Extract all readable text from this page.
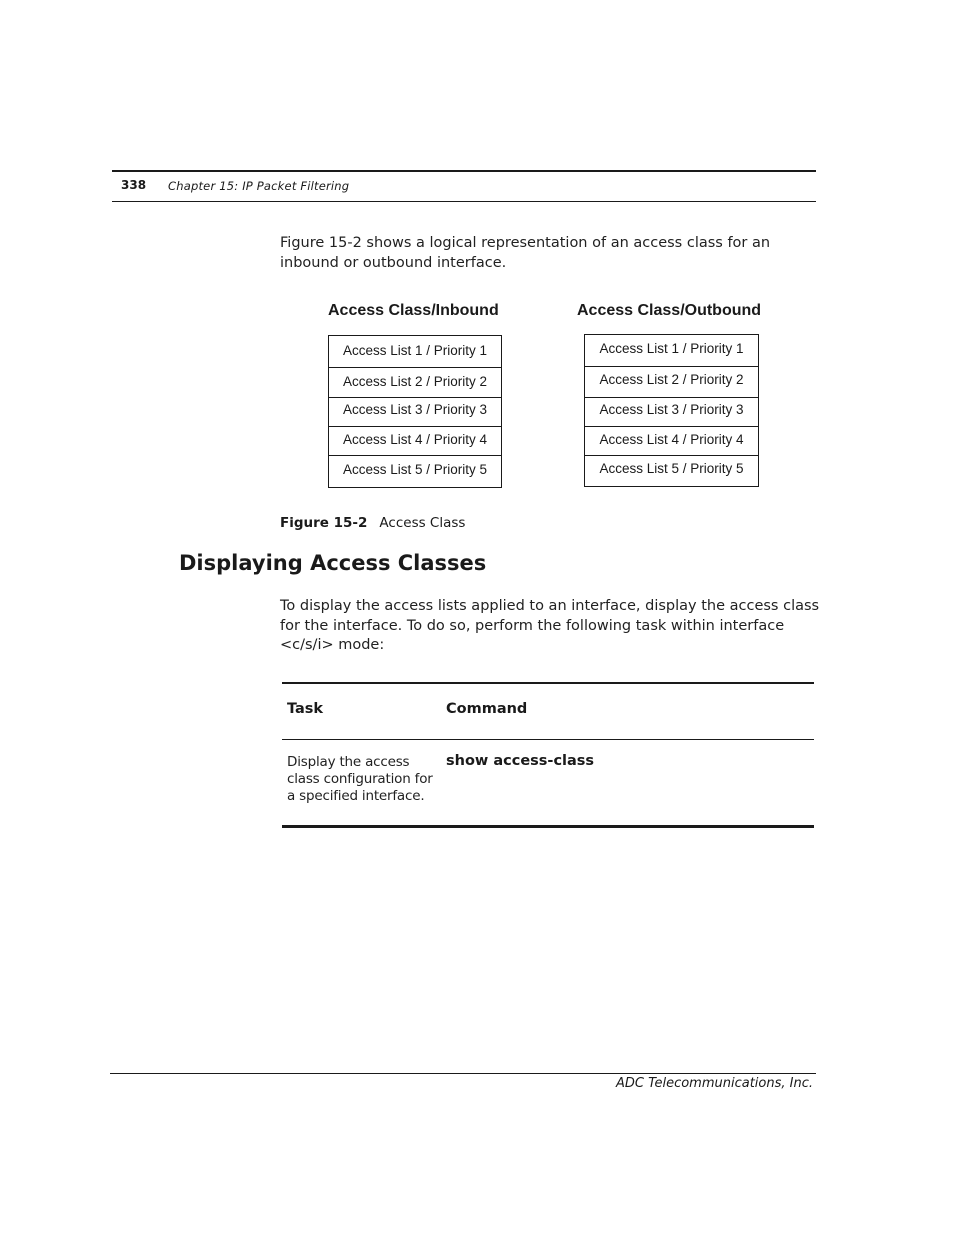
338 Chapter 15: IP Packet Filtering
Figure 15-2 shows a logical representation of an access class for an inbound or outbound interface.
Access Class/Inbound	Access Class/Outbound
Access List 1 / Priority 1
Access List 2 / Priority 2
Access List 3 / Priority 3
Access List 4 / Priority 4
Access List 5 / Priority 5
Access List 1 / Priority 1
Access List 2 / Priority 2
Access List 3 / Priority 3
Access List 4 / Priority 4
Access List 5 / Priority 5
Figure 15-2 Access Class
Displaying Access Classes
To display the access lists applied to an interface, display the access class for the interface. To do so, perform the following task within interface <c/s/i> mode:
Task	Command
Display the access class configuration for a specified interface.
show access-class
ADC Telecommunications, Inc.
